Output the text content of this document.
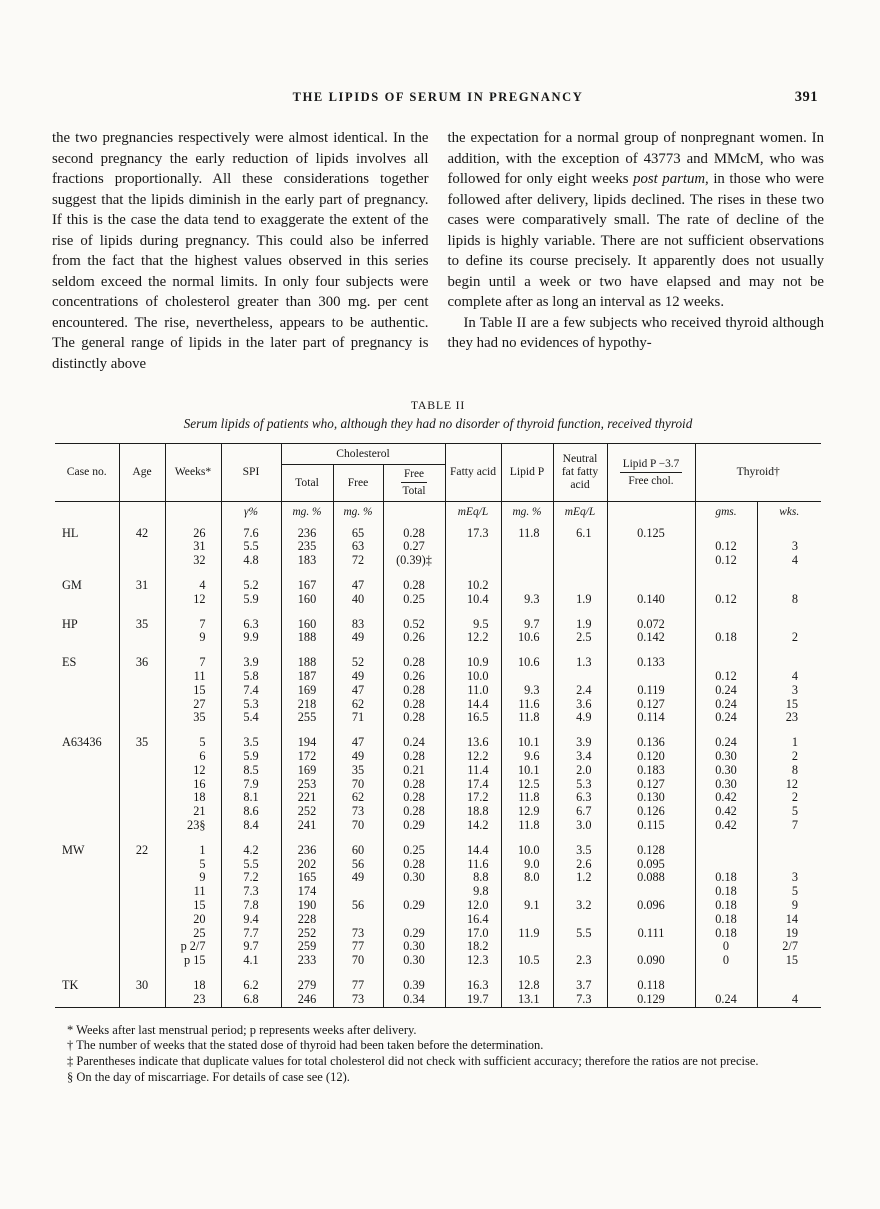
THE LIPIDS OF SERUM IN PREGNANCY	391

the two pregnancies respectively were almost identical. In the second pregnancy the early reduction of lipids involves all fractions proportionally. All these considerations together suggest that the lipids diminish in the early part of pregnancy. If this is the case the data tend to exaggerate the extent of the rise of lipids during pregnancy. This could also be inferred from the fact that the highest values observed in this series seldom exceed the normal limits. In only four subjects were concentrations of cholesterol greater than 300 mg. per cent encountered. The rise, nevertheless, appears to be authentic. The general range of lipids in the later part of pregnancy is distinctly above

the expectation for a normal group of nonpregnant women. In addition, with the exception of 43773 and MMcM, who was followed for only eight weeks post partum, in those who were followed after delivery, lipids declined. The rises in these two cases were comparatively small. The rate of decline of the lipids is highly variable. There are not sufficient observations to define its course precisely. It apparently does not usually begin until a week or two have elapsed and may not be complete after as long an interval as 12 weeks.

In Table II are a few subjects who received thyroid although they had no evidences of hypothy-

TABLE II
Serum lipids of patients who, although they had no disorder of thyroid function, received thyroid
Case no.	Age	Weeks*	SPI	Cholesterol			Fatty acid	Lipid P	Neutral fat fatty acid	$\frac{\text{Lipid P −3.7}}{\text{Free chol.}}$	Thyroid†	
				Total	Free	$\frac{\text{Free}}{\text{Total}}$

			γ%	mg. %	mg. %		mEq/L	mg. %	mEq/L		gms.	wks.
HL	42	26	7.6	236	65	0.28	17.3	11.8	6.1	0.125		
		31	5.5	235	63	0.27					0.12	3
		32	4.8	183	72	(0.39)‡					0.12	4
GM	31	4	5.2	167	47	0.28	10.2					
		12	5.9	160	40	0.25	10.4	9.3	1.9	0.140	0.12	8
HP	35	7	6.3	160	83	0.52	9.5	9.7	1.9	0.072		
		9	9.9	188	49	0.26	12.2	10.6	2.5	0.142	0.18	2
ES	36	7	3.9	188	52	0.28	10.9	10.6	1.3	0.133		
		11	5.8	187	49	0.26	10.0				0.12	4
		15	7.4	169	47	0.28	11.0	9.3	2.4	0.119	0.24	3
		27	5.3	218	62	0.28	14.4	11.6	3.6	0.127	0.24	15
		35	5.4	255	71	0.28	16.5	11.8	4.9	0.114	0.24	23
A63436	35	5	3.5	194	47	0.24	13.6	10.1	3.9	0.136	0.24	1
		6	5.9	172	49	0.28	12.2	9.6	3.4	0.120	0.30	2
		12	8.5	169	35	0.21	11.4	10.1	2.0	0.183	0.30	8
		16	7.9	253	70	0.28	17.4	12.5	5.3	0.127	0.30	12
		18	8.1	221	62	0.28	17.2	11.8	6.3	0.130	0.42	2
		21	8.6	252	73	0.28	18.8	12.9	6.7	0.126	0.42	5
		23§	8.4	241	70	0.29	14.2	11.8	3.0	0.115	0.42	7
MW	22	1	4.2	236	60	0.25	14.4	10.0	3.5	0.128		
		5	5.5	202	56	0.28	11.6	9.0	2.6	0.095		
		9	7.2	165	49	0.30	8.8	8.0	1.2	0.088	0.18	3
		11	7.3	174			9.8				0.18	5
		15	7.8	190	56	0.29	12.0	9.1	3.2	0.096	0.18	9
		20	9.4	228			16.4				0.18	14
		25	7.7	252	73	0.29	17.0	11.9	5.5	0.111	0.18	19
		p 2/7	9.7	259	77	0.30	18.2				0	2/7
		p 15	4.1	233	70	0.30	12.3	10.5	2.3	0.090	0	15
TK	30	18	6.2	279	77	0.39	16.3	12.8	3.7	0.118		
		23	6.8	246	73	0.34	19.7	13.1	7.3	0.129	0.24	4

* Weeks after last menstrual period; p represents weeks after delivery.

† The number of weeks that the stated dose of thyroid had been taken before the determination.

‡ Parentheses indicate that duplicate values for total cholesterol did not check with sufficient accuracy; therefore the ratios are not precise.

§ On the day of miscarriage. For details of case see (12).
